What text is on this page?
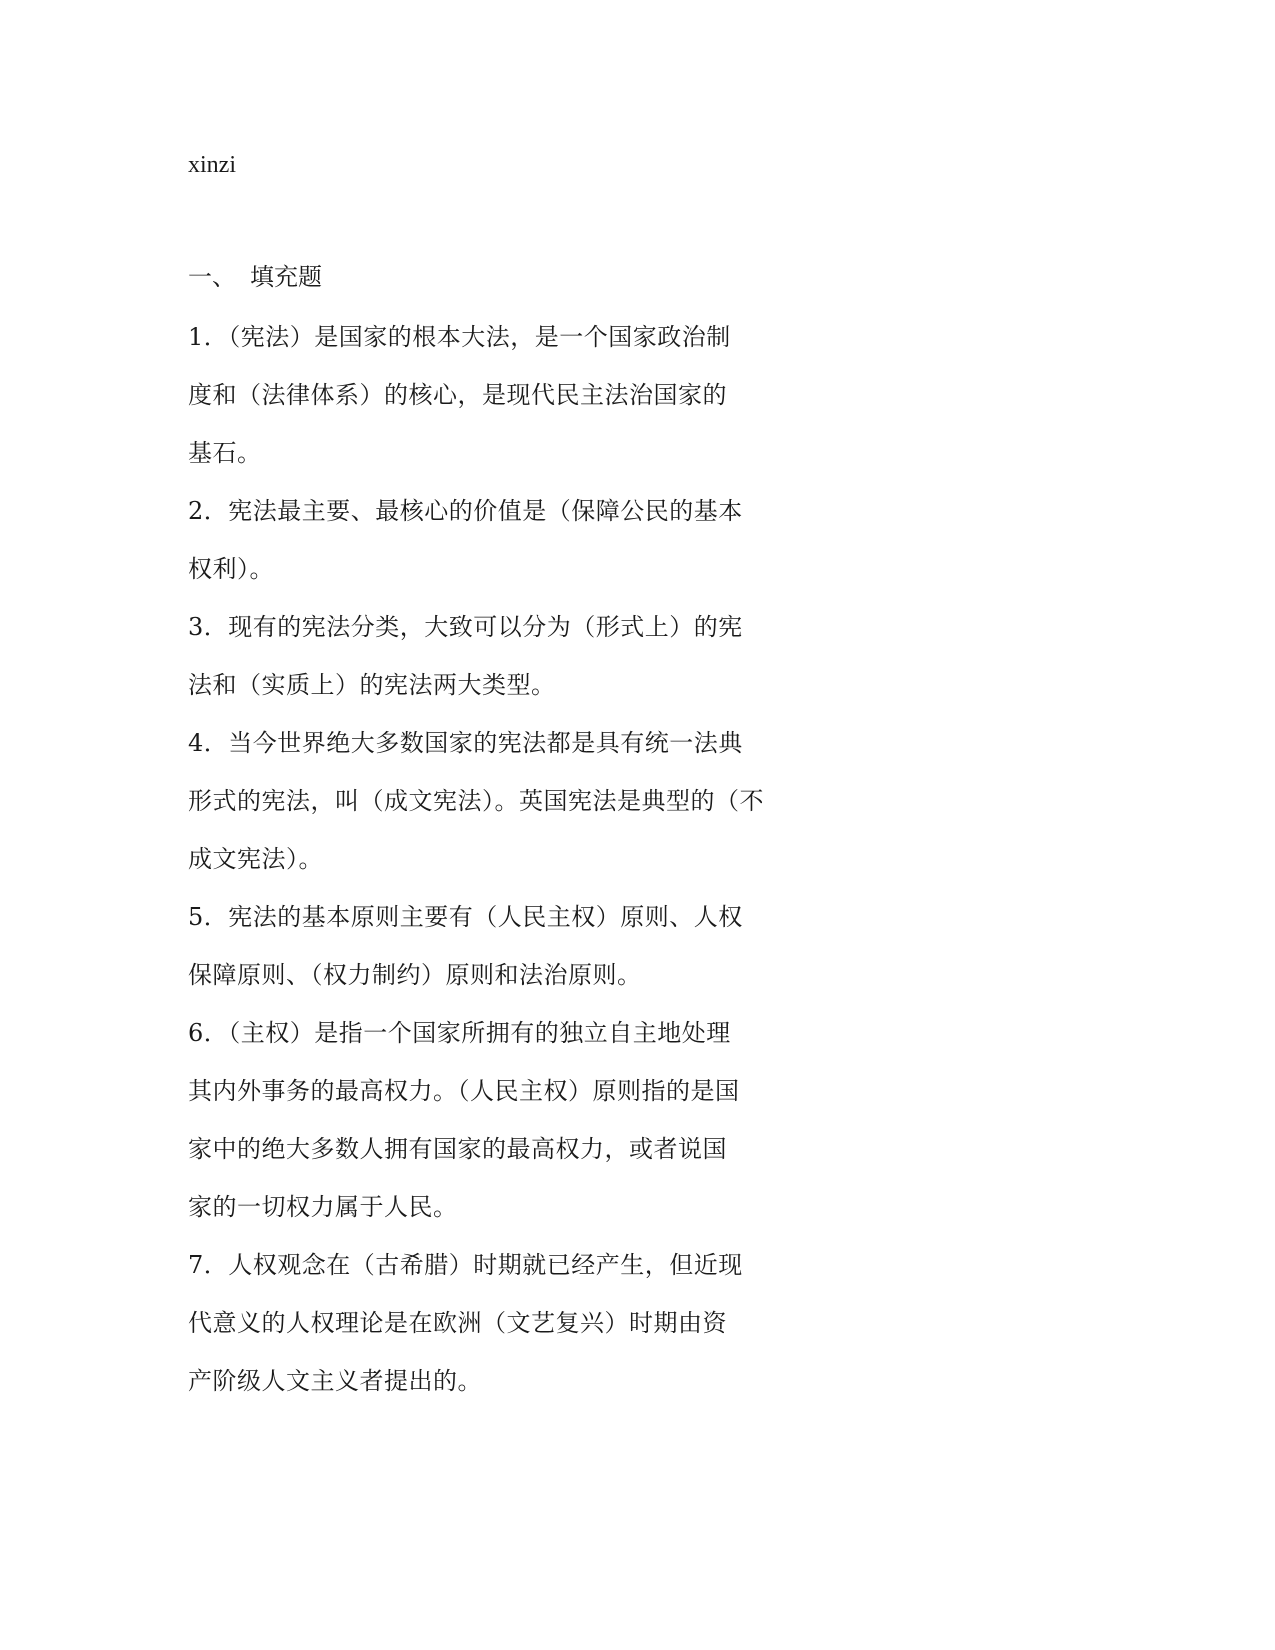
xinzi
一、 填充题
1．（宪法）是国家的根本大法，是一个国家政治制
度和（法律体系）的核心，是现代民主法治国家的
基石。
2．宪法最主要、最核心的价值是（保障公民的基本
权利）。
3．现有的宪法分类，大致可以分为（形式上）的宪
法和（实质上）的宪法两大类型。
4．当今世界绝大多数国家的宪法都是具有统一法典
形式的宪法，叫（成文宪法）。英国宪法是典型的（不
成文宪法）。
5．宪法的基本原则主要有（人民主权）原则、人权
保障原则、（权力制约）原则和法治原则。
6．（主权）是指一个国家所拥有的独立自主地处理
其内外事务的最高权力。（人民主权）原则指的是国
家中的绝大多数人拥有国家的最高权力，或者说国
家的一切权力属于人民。
7．人权观念在（古希腊）时期就已经产生，但近现
代意义的人权理论是在欧洲（文艺复兴）时期由资
产阶级人文主义者提出的。
